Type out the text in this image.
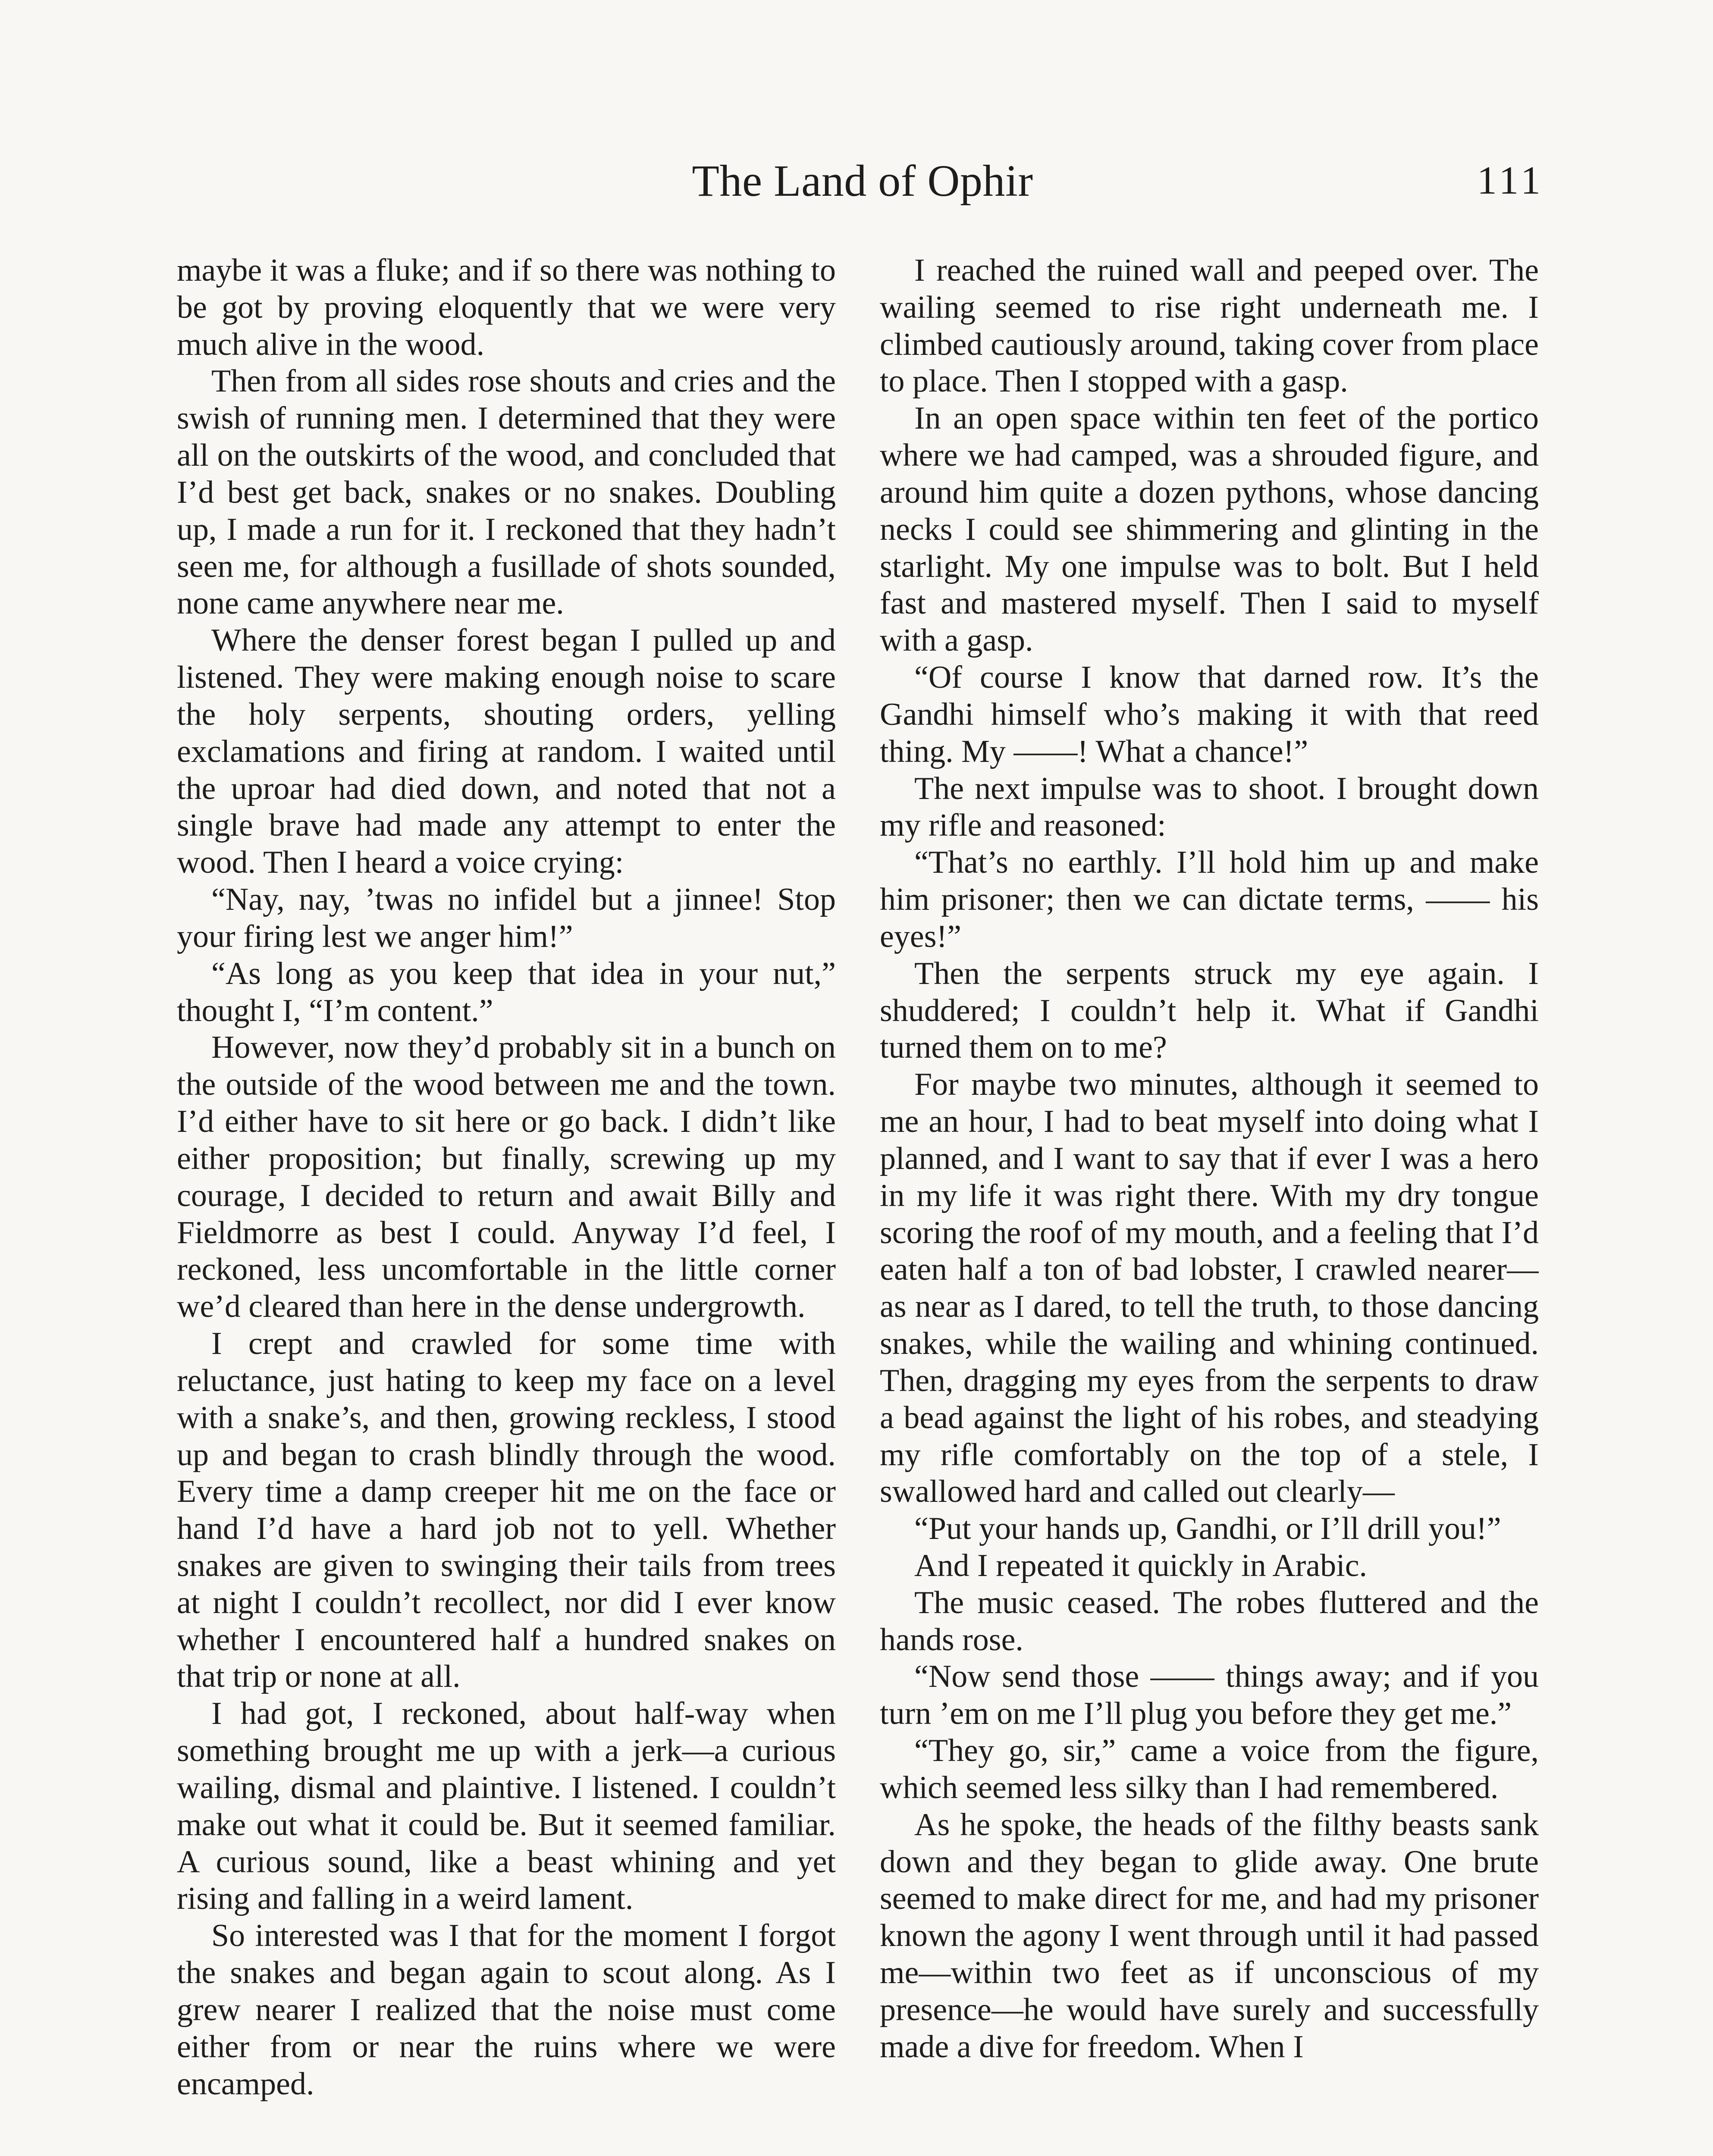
The Land of Ophir	111

maybe it was a fluke; and if so there was nothing to be got by proving eloquently that we were very much alive in the wood.

Then from all sides rose shouts and cries and the swish of running men. I determined that they were all on the outskirts of the wood, and concluded that I’d best get back, snakes or no snakes. Doubling up, I made a run for it. I reckoned that they hadn’t seen me, for although a fusillade of shots sounded, none came anywhere near me.

Where the denser forest began I pulled up and listened. They were making enough noise to scare the holy serpents, shouting orders, yelling exclamations and firing at random. I waited until the uproar had died down, and noted that not a single brave had made any attempt to enter the wood. Then I heard a voice crying:

“Nay, nay, ’twas no infidel but a jinnee! Stop your firing lest we anger him!”

“As long as you keep that idea in your nut,” thought I, “I’m content.”

However, now they’d probably sit in a bunch on the outside of the wood between me and the town. I’d either have to sit here or go back. I didn’t like either proposition; but finally, screwing up my courage, I decided to return and await Billy and Fieldmorre as best I could. Anyway I’d feel, I reckoned, less uncomfortable in the little corner we’d cleared than here in the dense undergrowth.

I crept and crawled for some time with reluctance, just hating to keep my face on a level with a snake’s, and then, growing reckless, I stood up and began to crash blindly through the wood. Every time a damp creeper hit me on the face or hand I’d have a hard job not to yell. Whether snakes are given to swinging their tails from trees at night I couldn’t recollect, nor did I ever know whether I encountered half a hundred snakes on that trip or none at all.

I had got, I reckoned, about half-way when something brought me up with a jerk—a curious wailing, dismal and plaintive. I listened. I couldn’t make out what it could be. But it seemed familiar. A curious sound, like a beast whining and yet rising and falling in a weird lament.

So interested was I that for the moment I forgot the snakes and began again to scout along. As I grew nearer I realized that the noise must come either from or near the ruins where we were encamped.

I reached the ruined wall and peeped over. The wailing seemed to rise right underneath me. I climbed cautiously around, taking cover from place to place. Then I stopped with a gasp.

In an open space within ten feet of the portico where we had camped, was a shrouded figure, and around him quite a dozen pythons, whose dancing necks I could see shimmering and glinting in the starlight. My one impulse was to bolt. But I held fast and mastered myself. Then I said to myself with a gasp.

“Of course I know that darned row. It’s the Gandhi himself who’s making it with that reed thing. My ——! What a chance!”

The next impulse was to shoot. I brought down my rifle and reasoned:

“That’s no earthly. I’ll hold him up and make him prisoner; then we can dictate terms, —— his eyes!”

Then the serpents struck my eye again. I shuddered; I couldn’t help it. What if Gandhi turned them on to me?

For maybe two minutes, although it seemed to me an hour, I had to beat myself into doing what I planned, and I want to say that if ever I was a hero in my life it was right there. With my dry tongue scoring the roof of my mouth, and a feeling that I’d eaten half a ton of bad lobster, I crawled nearer—as near as I dared, to tell the truth, to those dancing snakes, while the wailing and whining continued. Then, dragging my eyes from the serpents to draw a bead against the light of his robes, and steadying my rifle comfortably on the top of a stele, I swallowed hard and called out clearly—

“Put your hands up, Gandhi, or I’ll drill you!”

And I repeated it quickly in Arabic.

The music ceased. The robes fluttered and the hands rose.

“Now send those —— things away; and if you turn ’em on me I’ll plug you before they get me.”

“They go, sir,” came a voice from the figure, which seemed less silky than I had remembered.

As he spoke, the heads of the filthy beasts sank down and they began to glide away. One brute seemed to make direct for me, and had my prisoner known the agony I went through until it had passed me—within two feet as if unconscious of my presence—he would have surely and successfully made a dive for freedom. When I
